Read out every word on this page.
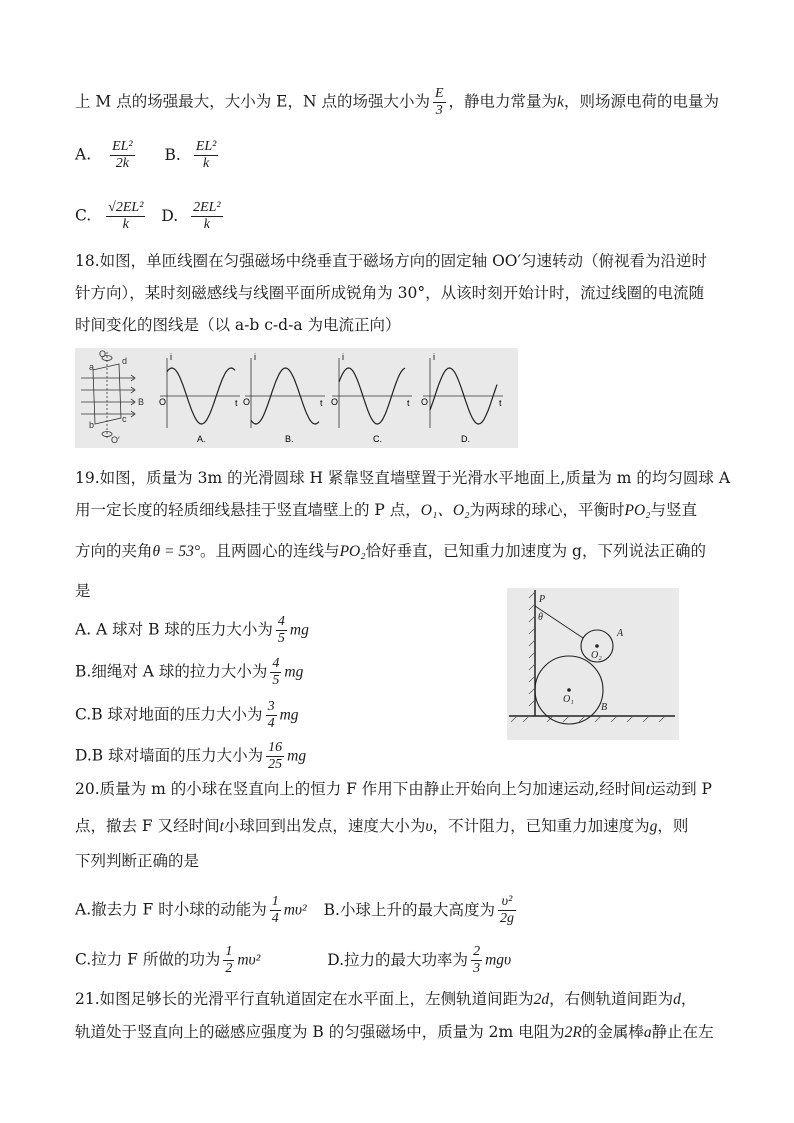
上 M 点的场强最大，大小为 E，N 点的场强大小为 $\frac{E}{3}$ ，静电力常量为k，则场源电荷的电量为
A. $\frac{\text{EL²}}{2k} B$. $\frac{\text{EL²}}{k}$
C. $\frac{\text{√2EL²}}{k} D$. $\frac{\text{2EL²}}{k}$
18.如图，单匝线圈在匀强磁场中绕垂直于磁场方向的固定轴 OO′匀速转动（俯视看为沿逆时
针方向），某时刻磁感线与线圈平面所成锐角为 30°，从该时刻开始计时，流过线圈的电流随
时间变化的图线是（以 a-b c-d-a 为电流正向）
O
a
b
c
d
B
O′
i
t
O
A.
i
t
O
B.
i
t
O
C.
i
t
O
D.
19.如图，质量为 3m 的光滑圆球 H 紧靠竖直墙壁置于光滑水平地面上,质量为 m 的均匀圆球 A
用一定长度的轻质细线悬挂于竖直墙壁上的 P 点，O₁、O₂为两球的球心，平衡时PO₂与竖直
方向的夹角θ = 53°。且两圆心的连线与PO₂恰好垂直，已知重力加速度为 g，下列说法正确的
是
A. A 球对 B 球的压力大小为 $\frac{4}{5}$ mg
B.细绳对 A 球的拉力大小为 $\frac{4}{5}$ mg
C.B 球对地面的压力大小为 $\frac{3}{4}$ mg
D.B 球对墙面的压力大小为 $\frac{16}{25}$ mg
P
θ
A
B
O₁
O₂
20.质量为 m 的小球在竖直向上的恒力 F 作用下由静止开始向上匀加速运动,经时间t运动到 P
点，撤去 F 又经时间t小球回到出发点，速度大小为υ，不计阻力，已知重力加速度为g，则
下列判断正确的是
A.撤去力 F 时小球的动能为 $\frac{1}{4} m\upsilon^2$ B.小球上升的最大高度为 $\frac{\text{υ²}}{2g}$
C.拉力 F 所做的功为 $\frac{1}{2} m\upsilon^2$	D.拉力的最大功率为 $\frac{2}{3}$ mgυ
21.如图足够长的光滑平行直轨道固定在水平面上，左侧轨道间距为2d，右侧轨道间距为d，
轨道处于竖直向上的磁感应强度为 B 的匀强磁场中，质量为 2m 电阻为2R的金属棒a静止在左
